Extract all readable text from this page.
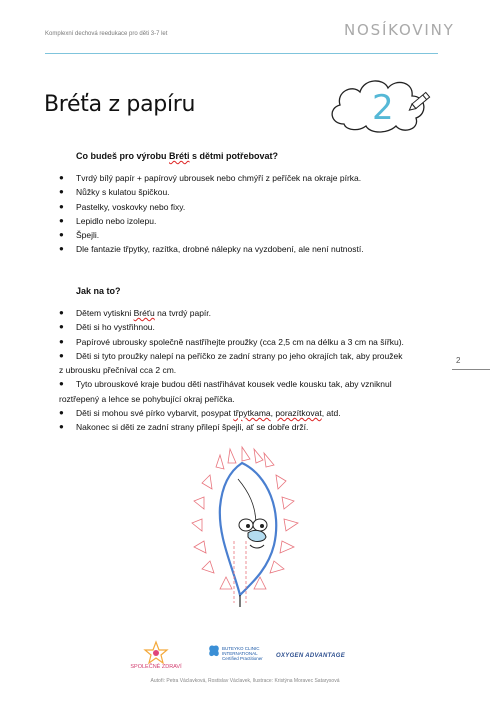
Komplexní dechová reedukace pro děti 3-7 let	NOSÍKOVINY
Bréťa z papíru	2
Co budeš pro výrobu Bréti s dětmi potřebovat?
● Tvrdý bílý papír + papírový ubrousek nebo chmýří z peříček na okraje pírka.
● Nůžky s kulatou špičkou.
● Pastelky, voskovky nebo fixy.
● Lepidlo nebo izolepu.
● Špejli.
● Dle fantazie třpytky, razítka, drobné nálepky na vyzdobení, ale není nutností.
Jak na to?
● Dětem vytiskni Bréťu na tvrdý papír.
● Děti si ho vystřihnou.
● Papírové ubrousky společně nastříhejte proužky (cca 2,5 cm na délku a 3 cm na šířku).
● Děti si tyto proužky nalepí na peříčko ze zadní strany po jeho okrajích tak, aby proužek
z ubrousku přečníval cca 2 cm.
● Tyto ubrouskové kraje budou děti nastřihávat kousek vedle kousku tak, aby vzniknul
roztřepený a lehce se pohybující okraj peříčka.
● Děti si mohou své pírko vybarvit, posypat třpytkama, porazítkovat, atd.
● Nakonec si děti ze zadní strany přilepí špejli, ať se dobře drží.
2
SPOLEČNĚ ZDRAVÍ
BUTEYKO CLINIC
INTERNATIONAL
Certified Practitioner OXYGEN ADVANTAGE
Autoři: Petra Václavková, Rostislav Václavek, Ilustrace: Kristýna Moravec Satarysová
